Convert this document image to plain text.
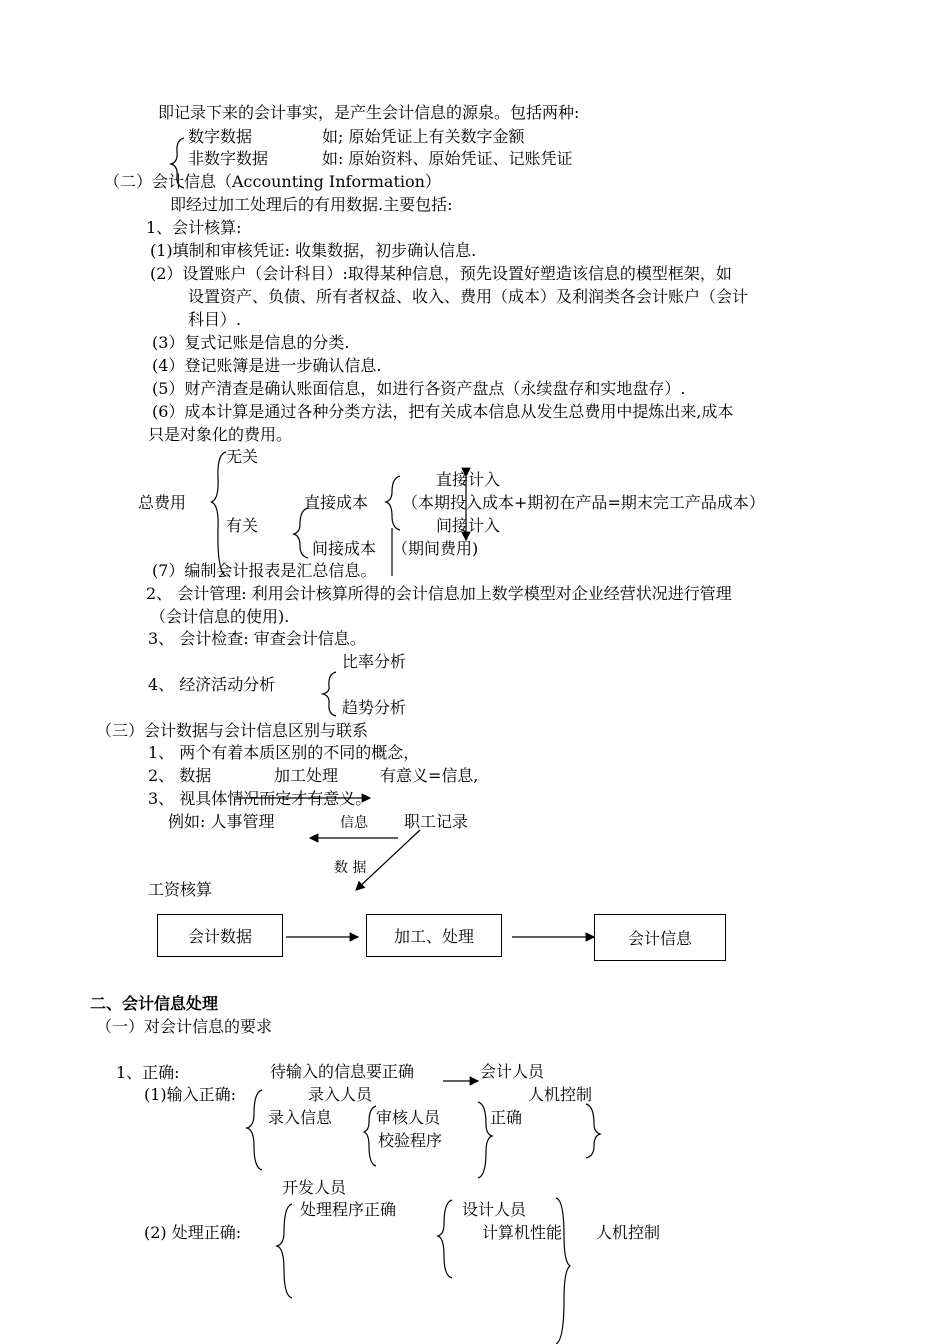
即记录下来的会计事实，是产生会计信息的源泉。包括两种:
数字数据	如; 原始凭证上有关数字金额
非数字数据	如: 原始资料、原始凭证、记账凭证
（二）会计信息（Accounting Information）
即经过加工处理后的有用数据.主要包括:
1、会计核算:
(1)填制和审核凭证: 收集数据，初步确认信息.
(2）设置账户（会计科目）:取得某种信息，预先设置好塑造该信息的模型框架，如
设置资产、负债、所有者权益、收入、费用（成本）及利润类各会计账户（会计
科目）.
(3）复式记账是信息的分类.
(4）登记账簿是进一步确认信息.
(5）财产清查是确认账面信息，如进行各资产盘点（永续盘存和实地盘存）.
(6）成本计算是通过各种分类方法，把有关成本信息从发生总费用中提炼出来,成本
只是对象化的费用。
无关
总费用
直接计入
直接成本 （本期投入成本+期初在产品=期末完工产品成本）
有关	间接计入
间接成本 （期间费用)
(7）编制会计报表是汇总信息。
2、 会计管理: 利用会计核算所得的会计信息加上数学模型对企业经营状况进行管理
（会计信息的使用).
3、 会计检查: 审查会计信息。
比率分析
4、 经济活动分析
趋势分析
（三）会计数据与会计信息区别与联系
1、 两个有着本质区别的不同的概念，
2、 数据	加工处理	有意义=信息,
3、 视具体情况而定才有意义。
例如: 人事管理	信息 职工记录
数 据
工资核算
会计数据	加工、处理	会计信息
二、会计信息处理
（一）对会计信息的要求
1、正确:	待输入的信息要正确	会计人员
(1)输入正确:	录入人员	人机控制
录入信息	审核人员	正确
校验程序
开发人员
处理程序正确	设计人员
(2) 处理正确:	计算机性能 人机控制
